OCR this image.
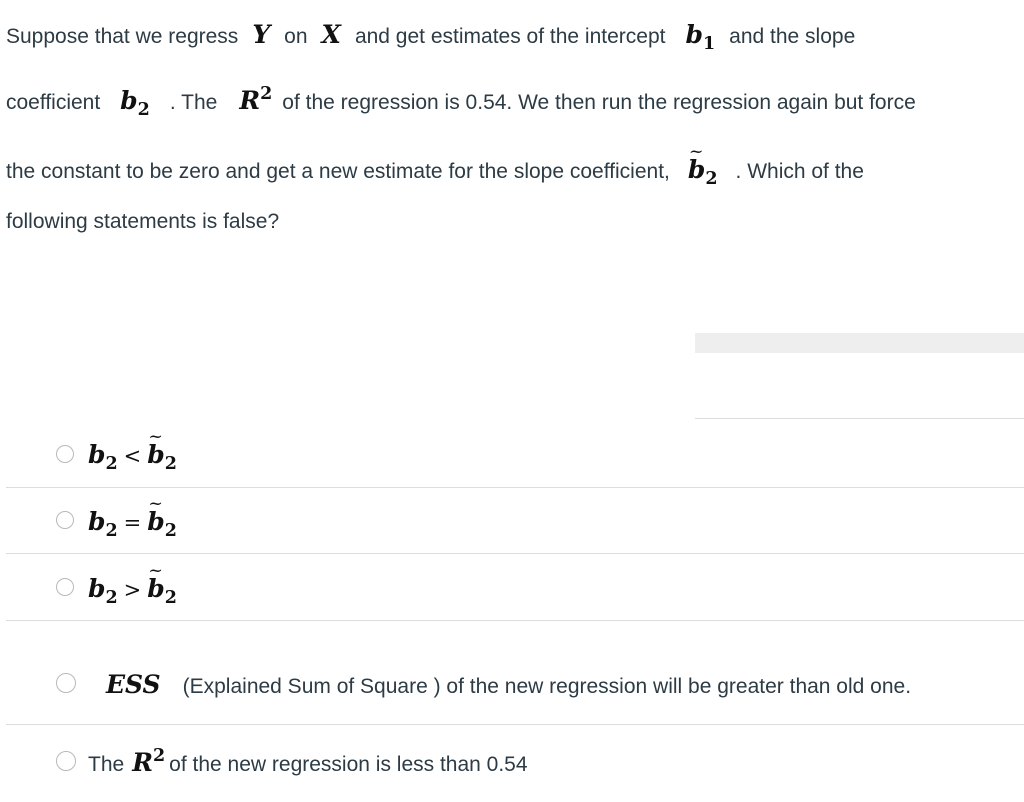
Suppose that we regress Y on X and get estimates of the intercept $b_1$ and the slope
coefficient $b_2$ . The $R^2$ of the regression is 0.54. We then run the regression again but force
the constant to be zero and get a new estimate for the slope coefficient, ~ $b_2$ . Which of the
following statements is false?
$b_2$ < ~ $b_2$
$b_2$ = ~ $b_2$
$b_2$ > ~ $b_2$
ESS (Explained Sum of Square ) of the new regression will be greater than old one.
The $R^2$ of the new regression is less than 0.54
